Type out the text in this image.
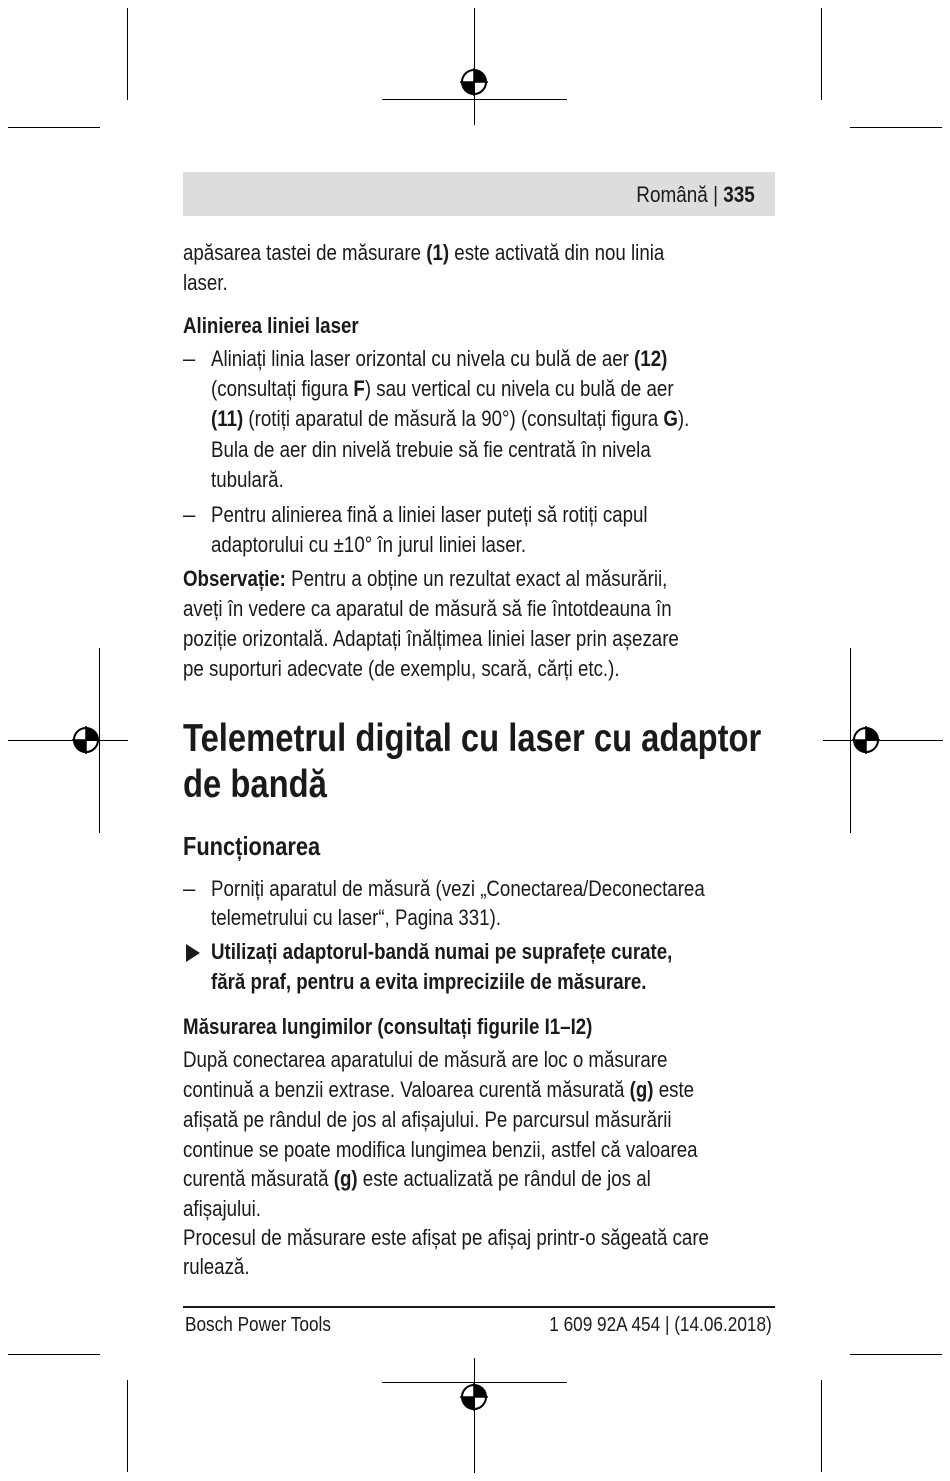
Română | 335
apăsarea tastei de măsurare (1) este activată din nou linia
laser.
Alinierea liniei laser
– Aliniați linia laser orizontal cu nivela cu bulă de aer (12)
(consultați figura F) sau vertical cu nivela cu bulă de aer
(11) (rotiți aparatul de măsură la 90°) (consultați figura G).
Bula de aer din nivelă trebuie să fie centrată în nivela
tubulară.
– Pentru alinierea fină a liniei laser puteți să rotiți capul
adaptorului cu ±10° în jurul liniei laser.
Observație: Pentru a obține un rezultat exact al măsurării,
aveți în vedere ca aparatul de măsură să fie întotdeauna în
poziție orizontală. Adaptați înălțimea liniei laser prin așezare
pe suporturi adecvate (de exemplu, scară, cărți etc.).
Telemetrul digital cu laser cu adaptor
de bandă
Funcționarea
– Porniți aparatul de măsură (vezi „Conectarea/Deconectarea
telemetrului cu laser“, Pagina 331).
Utilizați adaptorul-bandă numai pe suprafețe curate,
fără praf, pentru a evita impreciziile de măsurare.
Măsurarea lungimilor (consultați figurile I1–I2)
După conectarea aparatului de măsură are loc o măsurare
continuă a benzii extrase. Valoarea curentă măsurată (g) este
afișată pe rândul de jos al afișajului. Pe parcursul măsurării
continue se poate modifica lungimea benzii, astfel că valoarea
curentă măsurată (g) este actualizată pe rândul de jos al
afișajului.
Procesul de măsurare este afișat pe afișaj printr-o săgeată care
rulează.
Bosch Power Tools	1 609 92A 454 | (14.06.2018)
